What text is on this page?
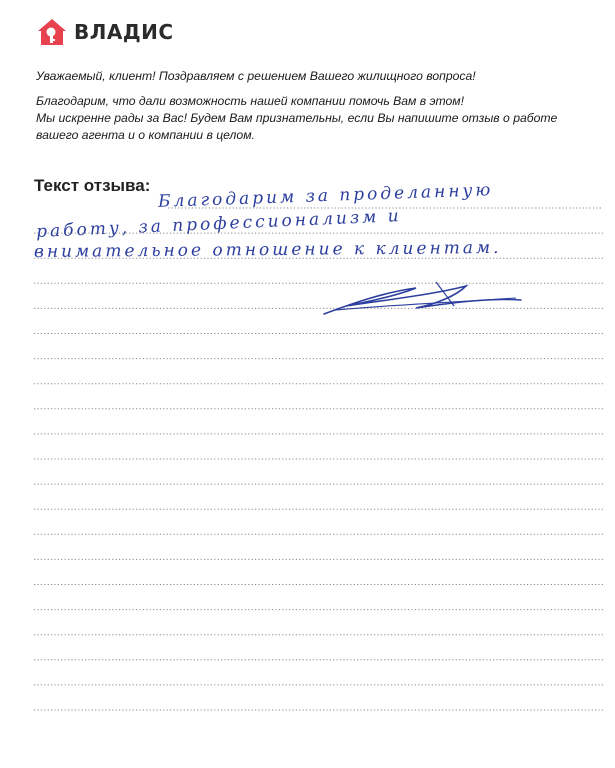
ВЛАДИС

Уважаемый, клиент! Поздравляем с решением Вашего жилищного вопроса!

Благодарим, что дали возможность нашей компании помочь Вам в этом!

Мы искренне рады за Вас! Будем Вам признательны, если Вы напишите отзыв о работе

вашего агента и о компании в целом.

Текст отзыва: Благодарим за проделанную
работу, за профессионализм и
внимательное отношение к клиентам.
